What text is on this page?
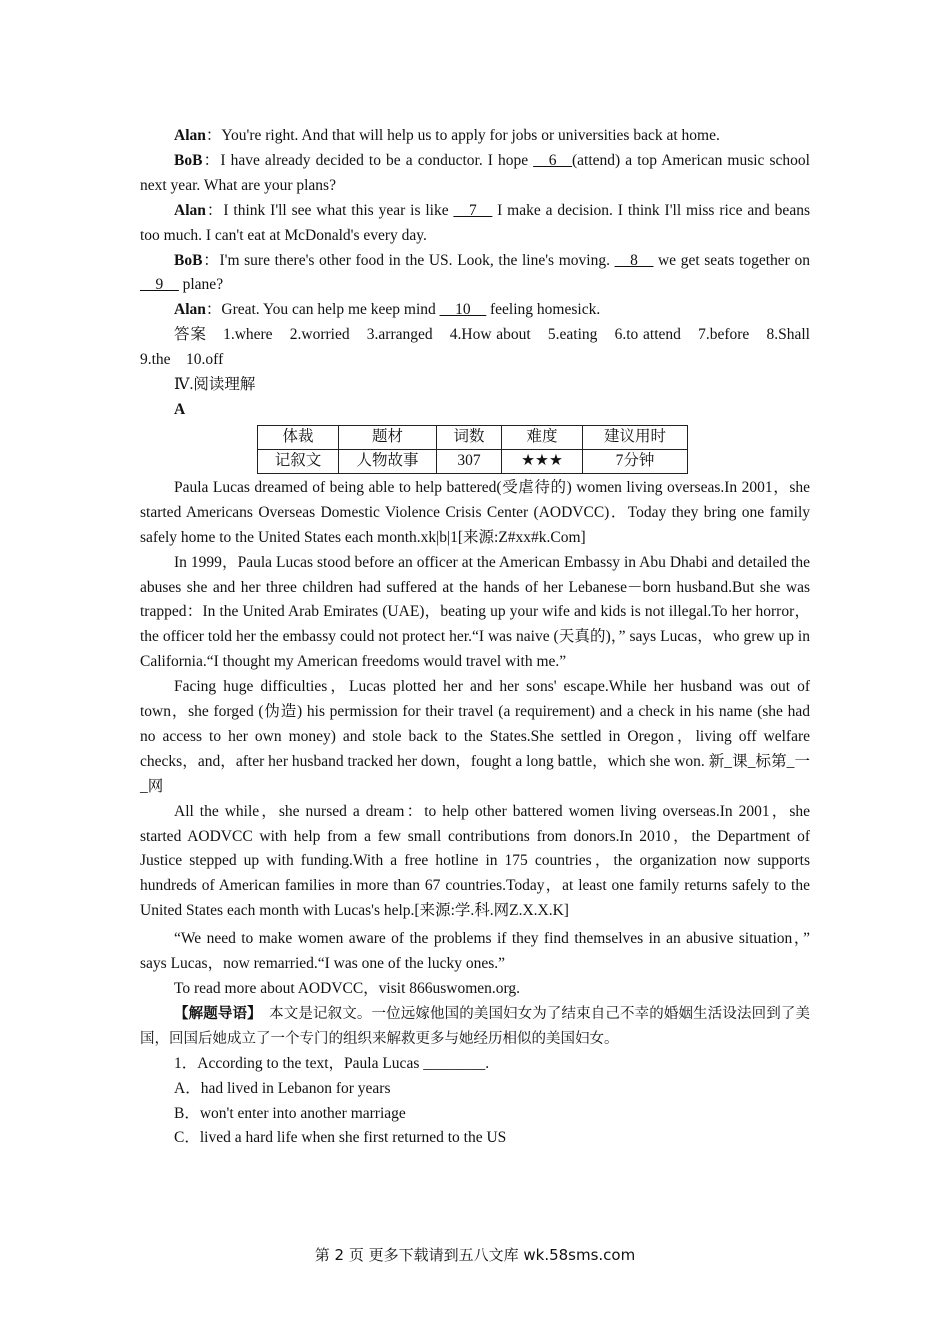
Alan：You're right. And that will help us to apply for jobs or universities back at home.

BoB：I have already decided to be a conductor. I hope __6__(attend) a top American music school next year. What are your plans?

Alan：I think I'll see what this year is like __7__ I make a decision. I think I'll miss rice and beans too much. I can't eat at McDonald's every day.

BoB：I'm sure there's other food in the US. Look, the line's moving. __8__ we get seats together on __9__ plane?

Alan：Great. You can help me keep mind __10__ feeling homesick.

答案　 1.where　2.worried　3.arranged　4.How about　5.eating　6.to attend　7.before　8.Shall　9.the　10.off

Ⅳ.阅读理解

A

体裁	题材	词数	难度	建议用时
记叙文	人物故事	307	★★★	7分钟

Paula Lucas dreamed of being able to help battered(受虐待的) women living overseas.In 2001，she started Americans Overseas Domestic Violence Crisis Center (AODVCC)．Today they bring one family safely home to the United States each month.xk|b|1[来源:Z#xx#k.Com]

In 1999，Paula Lucas stood before an officer at the American Embassy in Abu Dhabi and detailed the abuses she and her three children had suffered at the hands of her Lebanese－born husband.But she was trapped：In the United Arab Emirates (UAE)，beating up your wife and kids is not illegal.To her horror，the officer told her the embassy could not protect her.“I was naive (天真的)，” says Lucas，who grew up in California.“I thought my American freedoms would travel with me.”

Facing huge difficulties，Lucas plotted her and her sons' escape.While her husband was out of town，she forged (伪造) his permission for their travel (a requirement) and a check in his name (she had no access to her own money) and stole back to the States.She settled in Oregon，living off welfare checks，and，after her husband tracked her down，fought a long battle，which she won. 新_课_标第_一_网

All the while，she nursed a dream：to help other battered women living overseas.In 2001，she started AODVCC with help from a few small contributions from donors.In 2010，the Department of Justice stepped up with funding.With a free hotline in 175 countries，the organization now supports hundreds of American families in more than 67 countries.Today，at least one family returns safely to the United States each month with Lucas's help.[来源:学.科.网Z.X.X.K]

“We need to make women aware of the problems if they find themselves in an abusive situation，” says Lucas，now remarried.“I was one of the lucky ones.”

To read more about AODVCC，visit 866uswomen.org.

【解题导语】　 本文是记叙文。一位远嫁他国的美国妇女为了结束自己不幸的婚姻生活设法回到了美国，回国后她成立了一个专门的组织来解救更多与她经历相似的美国妇女。

1．According to the text，Paula Lucas ________.

A．had lived in Lebanon for years

B．won't enter into another marriage

C．lived a hard life when she first returned to the US

第 2 页 更多下载请到五八文库 wk.58sms.com
